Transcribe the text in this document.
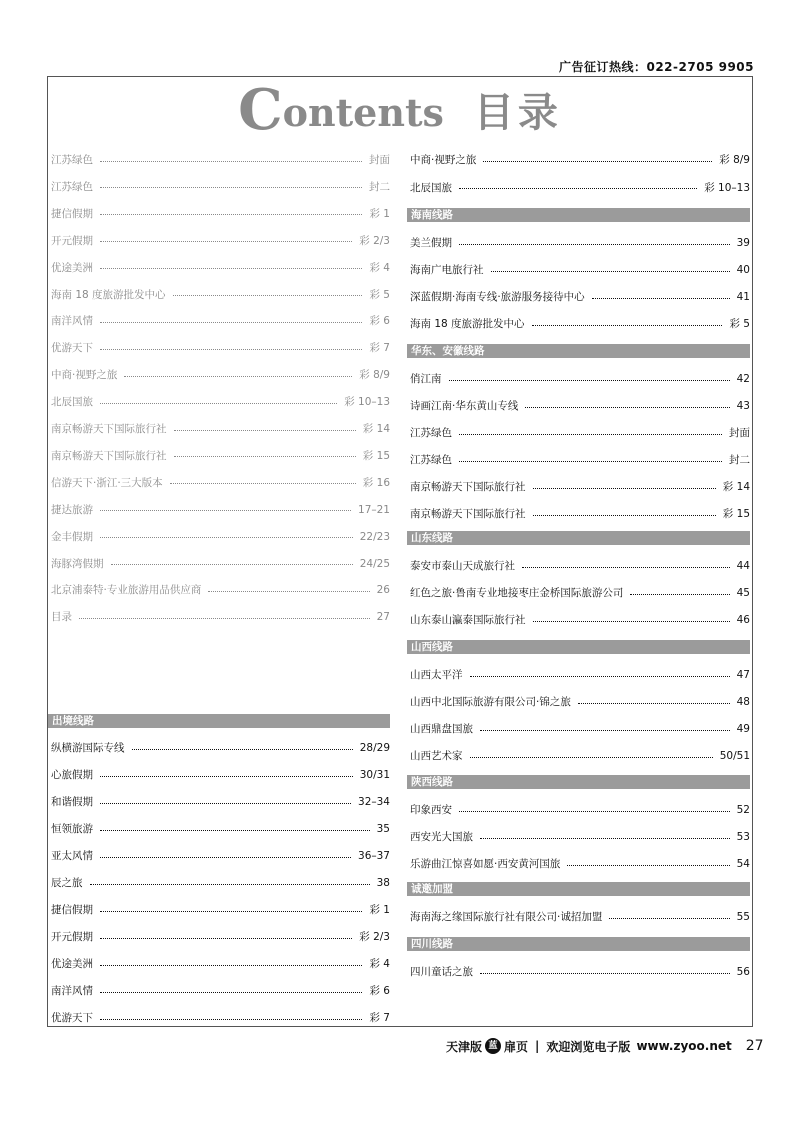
广告征订热线：022-2705 9905
Contents 目录
江苏绿色	封面
江苏绿色	封二
捷信假期	彩 1
开元假期	彩 2/3
优途美洲	彩 4
海南 18 度旅游批发中心	彩 5
南洋风情	彩 6
优游天下	彩 7
中商·视野之旅	彩 8/9
北辰国旅	彩 10–13
南京畅游天下国际旅行社	彩 14
南京畅游天下国际旅行社	彩 15
信游天下·浙江·三大版本	彩 16
捷达旅游	17–21
金丰假期	22/23
海豚湾假期	24/25
北京浦泰特·专业旅游用品供应商	26
目录	27
出境线路
纵横游国际专线	28/29
心旅假期	30/31
和谐假期	32–34
恒领旅游	35
亚太风情	36–37
辰之旅	38
捷信假期	彩 1
开元假期	彩 2/3
优途美洲	彩 4
南洋风情	彩 6
优游天下	彩 7
中商·视野之旅	彩 8/9
北辰国旅	彩 10–13
海南线路
美兰假期	39
海南广电旅行社	40
深蓝假期·海南专线·旅游服务接待中心	41
海南 18 度旅游批发中心	彩 5
华东、安徽线路
俏江南	42
诗画江南·华东黄山专线	43
江苏绿色	封面
江苏绿色	封二
南京畅游天下国际旅行社	彩 14
南京畅游天下国际旅行社	彩 15
山东线路
泰安市泰山天成旅行社	44
红色之旅·鲁南专业地接枣庄金桥国际旅游公司	45
山东泰山瀛泰国际旅行社	46
山西线路
山西太平洋	47
山西中北国际旅游有限公司·锦之旅	48
山西鼎盘国旅	49
山西艺术家	50/51
陕西线路
印象西安	52
西安光大国旅	53
乐游曲江惊喜如愿·西安黄河国旅	54
诚邀加盟
海南海之缘国际旅行社有限公司·诚招加盟	55
四川线路
四川童话之旅	56
天津版 蓝 扉页 | 欢迎浏览电子版 www.zyoo.net 27
